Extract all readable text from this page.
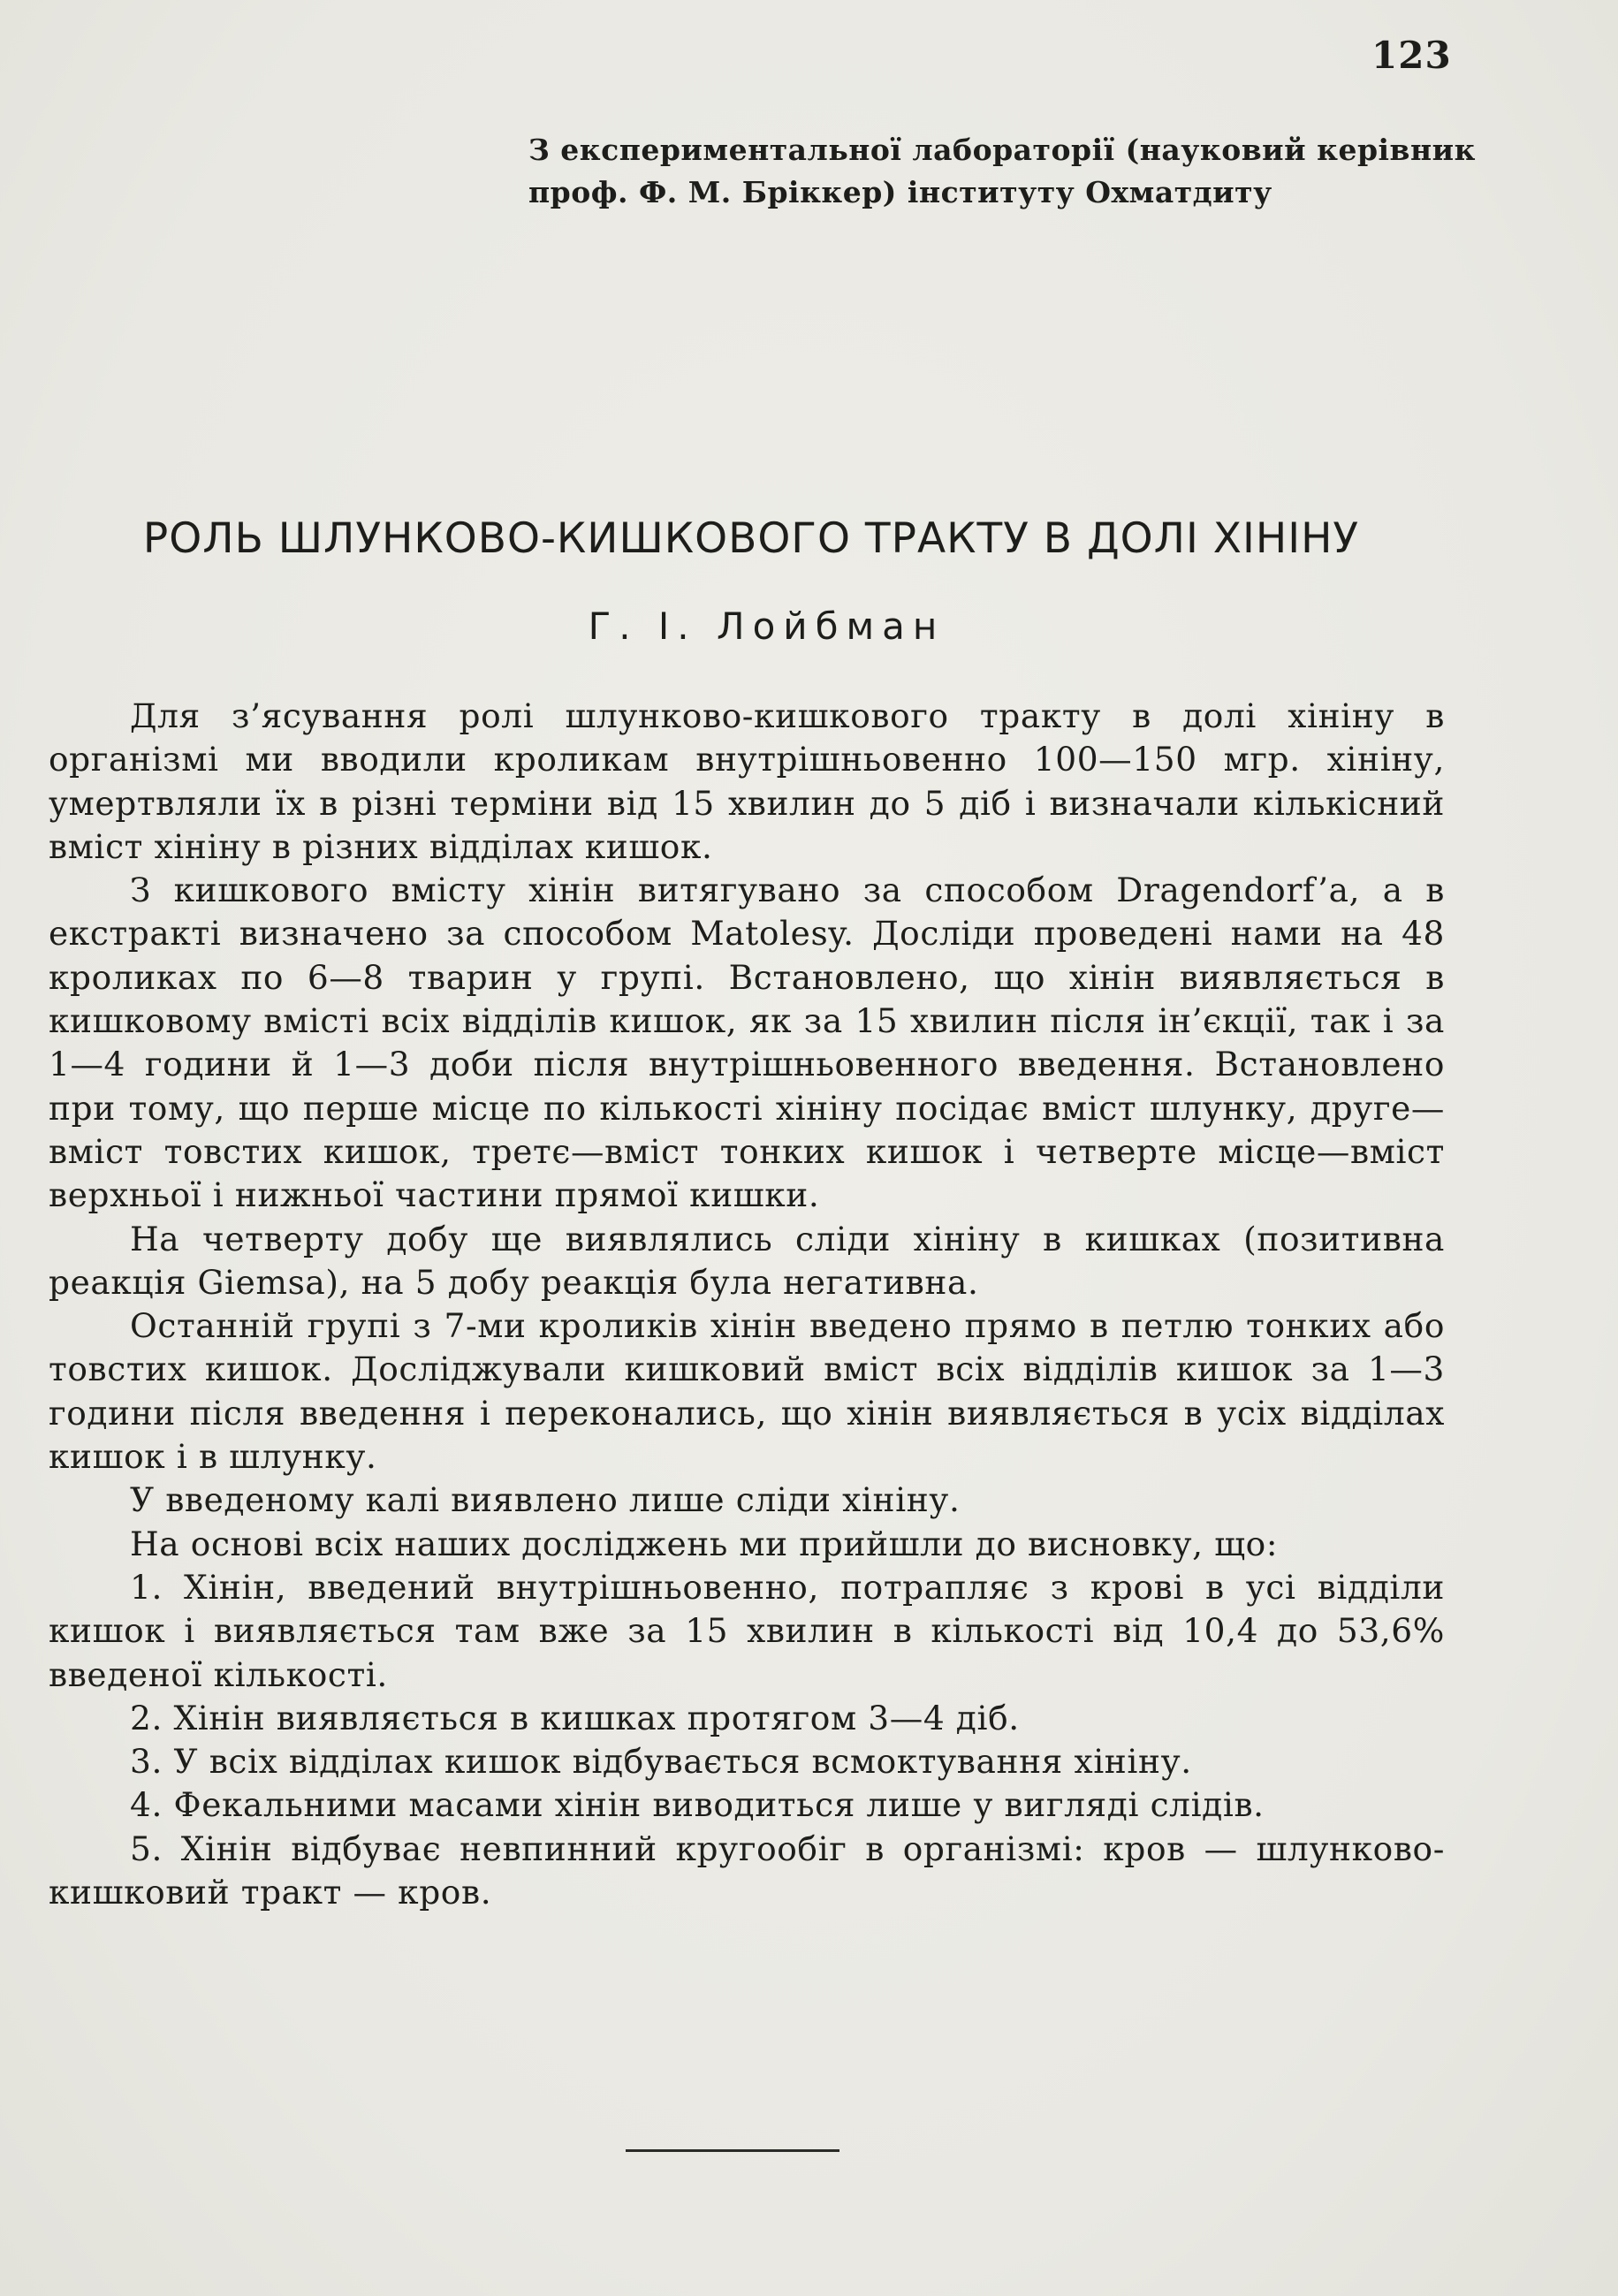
123
З експериментальної лабораторії (науковий керівник
проф. Ф. М. Бріккер) інституту Охматдиту
РОЛЬ ШЛУНКОВО-КИШКОВОГО ТРАКТУ В ДОЛІ ХІНІНУ
Г. І. Лойбман

Для з’ясування ролі шлунково-кишкового тракту в долі хініну в організмі ми вводили кроликам внутрішньовенно 100—150 мгр. хініну, умертвляли їх в різні терміни від 15 хвилин до 5 діб і визначали кількісний вміст хініну в різних відділах кишок.

З кишкового вмісту хінін витягувано за способом Dragendorf’а, а в екстракті визначено за способом Matolesy. Досліди проведені нами на 48 кроликах по 6—8 тварин у групі. Встановлено, що хінін виявляється в кишковому вмісті всіх відділів кишок, як за 15 хвилин після ін’єкції, так і за 1—4 години й 1—3 доби після внутрішньовенного введення. Встановлено при тому, що перше місце по кількості хініну посідає вміст шлунку, друге—вміст товстих кишок, третє—вміст тонких кишок і четверте місце—вміст верхньої і нижньої частини прямої кишки.

На четверту добу ще виявлялись сліди хініну в кишках (позитивна реакція Giemsa), на 5 добу реакція була негативна.

Останній групі з 7-ми кроликів хінін введено прямо в петлю тонких або товстих кишок. Досліджували кишковий вміст всіх відділів кишок за 1—3 години після введення і переконались, що хінін виявляється в усіх відділах кишок і в шлунку.

У введеному калі виявлено лише сліди хініну.

На основі всіх наших досліджень ми прийшли до висновку, що:

1. Хінін, введений внутрішньовенно, потрапляє з крові в усі відділи кишок і виявляється там вже за 15 хвилин в кількості від 10,4 до 53,6% введеної кількості.

2. Хінін виявляється в кишках протягом 3—4 діб.

3. У всіх відділах кишок відбувається всмоктування хініну.

4. Фекальними масами хінін виводиться лише у вигляді слідів.

5. Хінін відбуває невпинний кругообіг в організмі: кров — шлунково-кишковий тракт — кров.
